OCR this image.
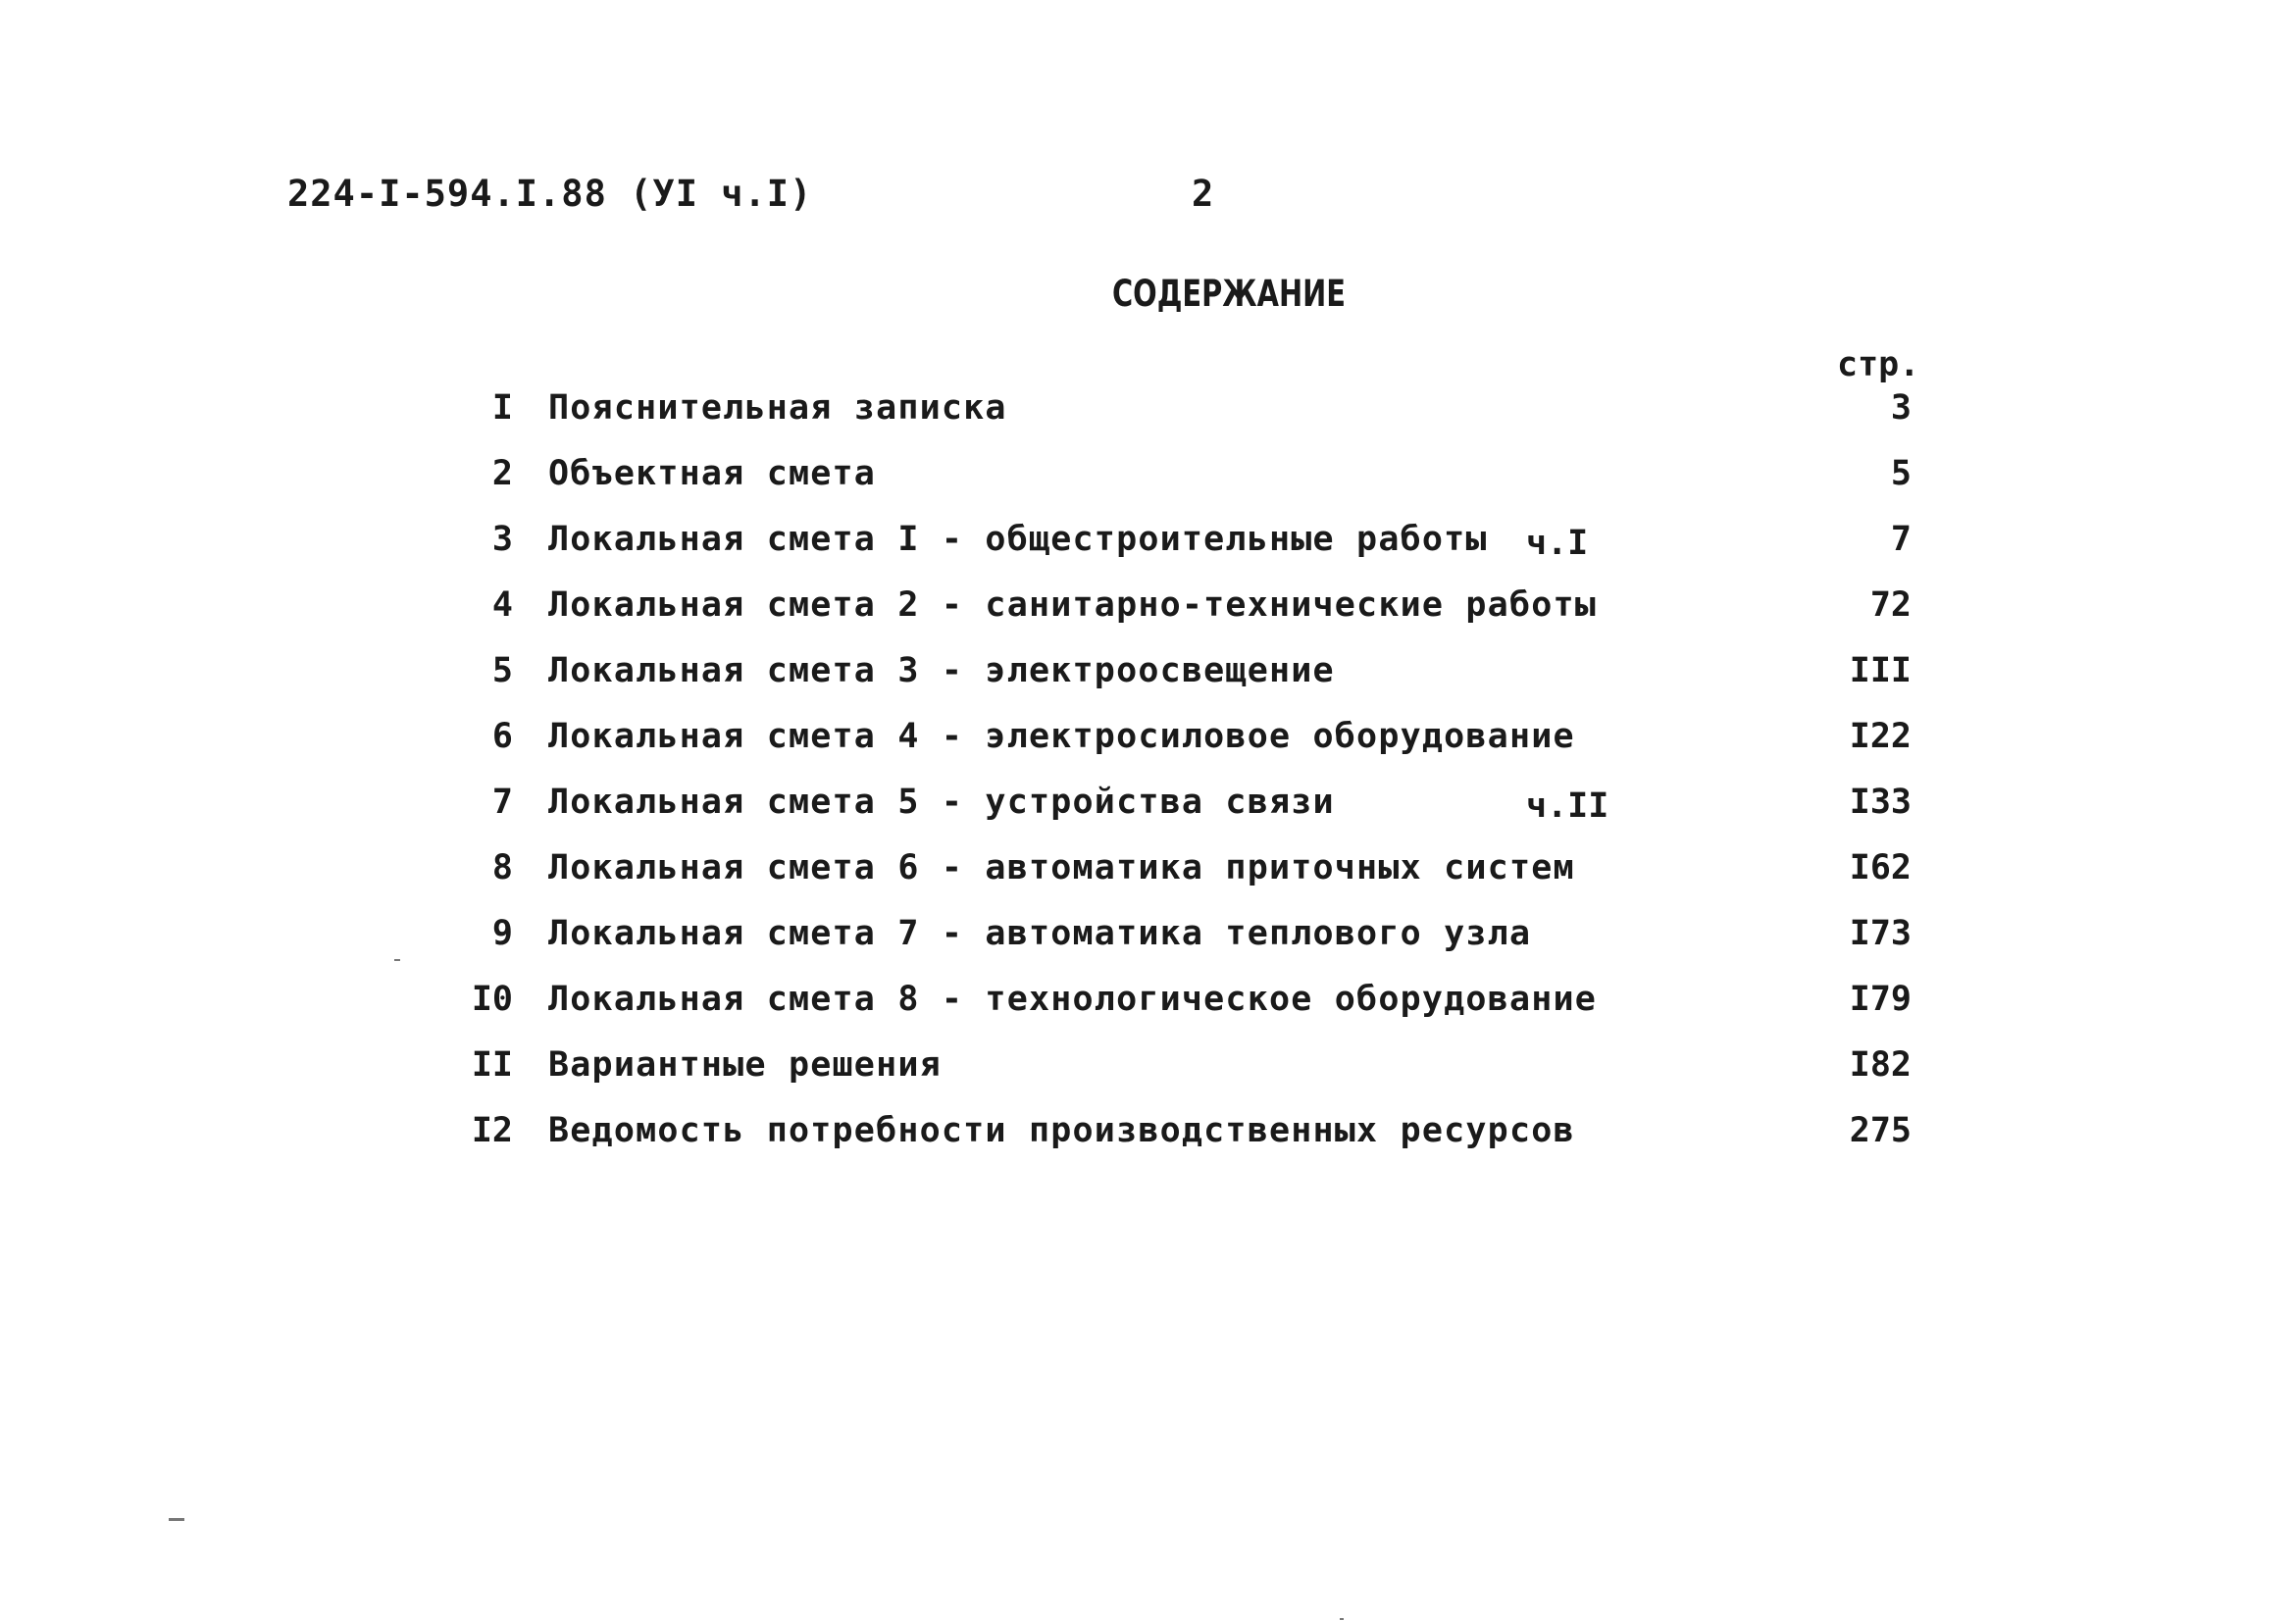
224-I-594.I.88 (УI ч.I)	2
СОДЕРЖАНИЕ
стр.
I Пояснительная записка	3
2 Объектная смета	5
3 Локальная смета I - общестроительные работы ч.I	7
4 Локальная смета 2 - санитарно-технические работы	72
5 Локальная смета 3 - электроосвещение	III
6 Локальная смета 4 - электросиловое оборудование	I22
7 Локальная смета 5 - устройства связи	ч.II	I33
8 Локальная смета 6 - автоматика приточных систем	I62
9 Локальная смета 7 - автоматика теплового узла	I73
I0 Локальная смета 8 - технологическое оборудование	I79
II Вариантные решения	I82
I2 Ведомость потребности производственных ресурсов	275
